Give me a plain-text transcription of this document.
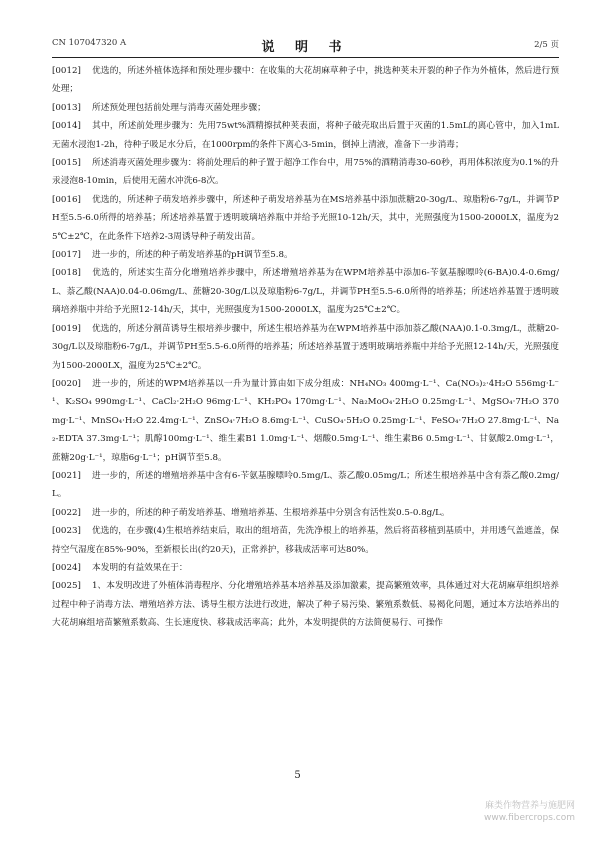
CN 107047320 A	说 明 书	2/5 页

[0012] 优选的，所述外植体选择和预处理步骤中：在收集的大花胡麻草种子中，挑选种荚未开裂的种子作为外植体，然后进行预处理；

[0013] 所述预处理包括前处理与消毒灭菌处理步骤；

[0014] 其中，所述前处理步骤为：先用75wt%酒精擦拭种荚表面，将种子破壳取出后置于灭菌的1.5mL的离心管中，加入1mL无菌水浸泡1-2h，待种子吸足水分后，在1000rpm的条件下离心3-5min，倒掉上清液，准备下一步消毒；

[0015] 所述消毒灭菌处理步骤为：将前处理后的种子置于超净工作台中，用75%的酒精消毒30-60秒，再用体积浓度为0.1%的升汞浸泡8-10min，后使用无菌水冲洗6-8次。

[0016] 优选的，所述种子萌发培养步骤中，所述种子萌发培养基为在MS培养基中添加蔗糖20-30g/L、琼脂粉6-7g/L，并调节PH至5.5-6.0所得的培养基；所述培养基置于透明玻璃培养瓶中并给予光照10-12h/天，其中，光照强度为1500-2000LX，温度为25℃±2℃，在此条件下培养2-3周诱导种子萌发出苗。

[0017] 进一步的，所述的种子萌发培养基的pH调节至5.8。

[0018] 优选的，所述实生苗分化增殖培养步骤中，所述增殖培养基为在WPM培养基中添加6-苄氨基腺嘌呤(6-BA)0.4-0.6mg/L、萘乙酸(NAA)0.04-0.06mg/L、蔗糖20-30g/L以及琼脂粉6-7g/L，并调节PH至5.5-6.0所得的培养基；所述培养基置于透明玻璃培养瓶中并给予光照12-14h/天，其中，光照强度为1500-2000LX，温度为25℃±2℃。

[0019] 优选的，所述分割苗诱导生根培养步骤中，所述生根培养基为在WPM培养基中添加萘乙酸(NAA)0.1-0.3mg/L，蔗糖20-30g/L以及琼脂粉6-7g/L，并调节PH至5.5-6.0所得的培养基；所述培养基置于透明玻璃培养瓶中并给予光照12-14h/天，光照强度为1500-2000LX，温度为25℃±2℃。

[0020] 进一步的，所述的WPM培养基以一升为量计算由如下成分组成：NH₄NO₃ 400mg·L⁻¹、Ca(NO₃)₂·4H₂O 556mg·L⁻¹、K₂SO₄ 990mg·L⁻¹、CaCl₂·2H₂O 96mg·L⁻¹、KH₂PO₄ 170mg·L⁻¹、Na₂MoO₄·2H₂O 0.25mg·L⁻¹、MgSO₄·7H₂O 370mg·L⁻¹、MnSO₄·H₂O 22.4mg·L⁻¹、ZnSO₄·7H₂O 8.6mg·L⁻¹、CuSO₄·5H₂O 0.25mg·L⁻¹、FeSO₄·7H₂O 27.8mg·L⁻¹、Na₂-EDTA 37.3mg·L⁻¹；肌醇100mg·L⁻¹、维生素B1 1.0mg·L⁻¹、烟酸0.5mg·L⁻¹、维生素B6 0.5mg·L⁻¹、甘氨酸2.0mg·L⁻¹，蔗糖20g·L⁻¹，琼脂6g·L⁻¹；pH调节至5.8。

[0021] 进一步的，所述的增殖培养基中含有6-苄氨基腺嘌呤0.5mg/L、萘乙酸0.05mg/L；所述生根培养基中含有萘乙酸0.2mg/L。

[0022] 进一步的，所述的种子萌发培养基、增殖培养基、生根培养基中分别含有活性炭0.5-0.8g/L。

[0023] 优选的，在步骤(4)生根培养结束后，取出的组培苗，先洗净根上的培养基，然后将苗移植到基质中，并用透气盖遮盖，保持空气湿度在85%-90%，至新根长出(约20天)，正常养护，移栽成活率可达80%。

[0024] 本发明的有益效果在于：

[0025] 1、本发明改进了外植体消毒程序、分化增殖培养基本培养基及添加激素，提高繁殖效率，具体通过对大花胡麻草组织培养过程中种子消毒方法、增殖培养方法、诱导生根方法进行改进，解决了种子易污染、繁殖系数低、易褐化问题，通过本方法培养出的大花胡麻组培苗繁殖系数高、生长速度快、移栽成活率高；此外，本发明提供的方法简便易行、可操作

5
麻类作物营养与施肥网
www.fibercrops.com
